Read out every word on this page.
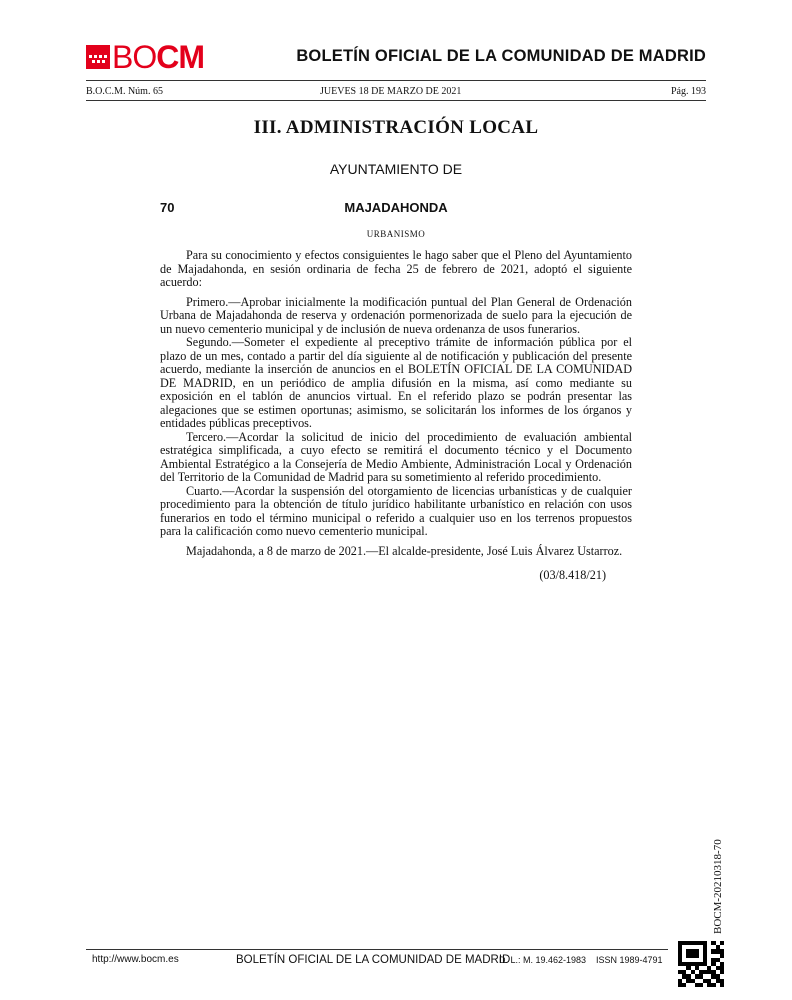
BO CM	BOLETÍN OFICIAL DE LA COMUNIDAD DE MADRID
B.O.C.M. Núm. 65	JUEVES 18 DE MARZO DE 2021	Pág. 193
III. ADMINISTRACIÓN LOCAL
AYUNTAMIENTO DE
70	MAJADAHONDA
URBANISMO

Para su conocimiento y efectos consiguientes le hago saber que el Pleno del Ayuntamiento de Majadahonda, en sesión ordinaria de fecha 25 de febrero de 2021, adoptó el siguiente acuerdo:

Primero.—Aprobar inicialmente la modificación puntual del Plan General de Ordenación Urbana de Majadahonda de reserva y ordenación pormenorizada de suelo para la ejecución de un nuevo cementerio municipal y de inclusión de nueva ordenanza de usos funerarios.

Segundo.—Someter el expediente al preceptivo trámite de información pública por el plazo de un mes, contado a partir del día siguiente al de notificación y publicación del presente acuerdo, mediante la inserción de anuncios en el BOLETÍN OFICIAL DE LA COMUNIDAD DE MADRID, en un periódico de amplia difusión en la misma, así como mediante su exposición en el tablón de anuncios virtual. En el referido plazo se podrán presentar las alegaciones que se estimen oportunas; asimismo, se solicitarán los informes de los órganos y entidades públicas preceptivos.

Tercero.—Acordar la solicitud de inicio del procedimiento de evaluación ambiental estratégica simplificada, a cuyo efecto se remitirá el documento técnico y el Documento Ambiental Estratégico a la Consejería de Medio Ambiente, Administración Local y Ordenación del Territorio de la Comunidad de Madrid para su sometimiento al referido procedimiento.

Cuarto.—Acordar la suspensión del otorgamiento de licencias urbanísticas y de cualquier procedimiento para la obtención de título jurídico habilitante urbanístico en relación con usos funerarios en todo el término municipal o referido a cualquier uso en los terrenos propuestos para la calificación como nuevo cementerio municipal.

Majadahonda, a 8 de marzo de 2021.—El alcalde-presidente, José Luis Álvarez Ustarroz.

(03/8.418/21)
BOCM-20210318-70
http://www.bocm.es	BOLETÍN OFICIAL DE LA COMUNIDAD DE MADRID
D. L.: M. 19.462-1983 ISSN 1989-4791
